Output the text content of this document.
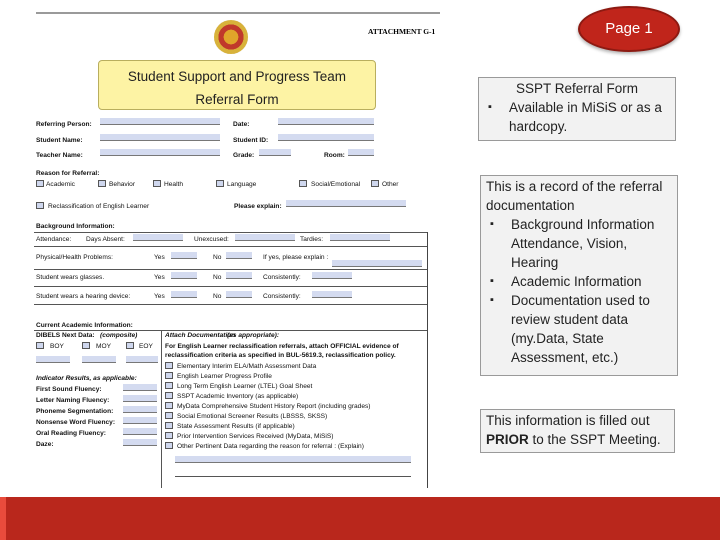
ATTACHMENT G-1
Student Support and Progress Team
Referral Form
Referring Person:	Date:
Student Name:	Student ID:
Teacher Name:	Grade:	Room:
Reason for Referral:
Academic	Behavior	Health	Language	Social/Emotional	Other
Reclassification of English Learner	Please explain:
Background Information:
Attendance: Days Absent:	Unexcused:	Tardies:
Physical/Health Problems:	Yes	No	If yes, please explain :
Student wears glasses.	Yes	No	Consistently:
Student wears a hearing device:	Yes	No	Consistently:
Current Academic Information:
DIBELS Next Data: (composite)
BOY	MOY	EOY
Indicator Results, as applicable:
First Sound Fluency:
Letter Naming Fluency:
Phoneme Segmentation:
Nonsense Word Fluency:
Oral Reading Fluency:
Daze:
Attach Documentation
(as appropriate):
For English Learner reclassification referrals, attach OFFICIAL evidence of
reclassification criteria as specified in BUL-5619.3, reclassification policy.
Elementary Interim ELA/Math Assessment Data
English Learner Progress Profile
Long Term English Learner (LTEL) Goal Sheet
SSPT Academic Inventory (as applicable)
MyData Comprehensive Student History Report (including grades)
Social Emotional Screener Results (LBSSS, SKSS)
State Assessment Results (if applicable)
Prior Intervention Services Received (MyData, MiSiS)
Other Pertinent Data regarding the reason for referral : (Explain)
Page 1
SSPT Referral Form
▪ Available in MiSiS or as a hardcopy.
This is a record of the referral documentation
▪ Background Information Attendance, Vision, Hearing
▪ Academic Information
▪ Documentation used to review student data (my.Data, State Assessment, etc.)
This information is filled out PRIOR to the SSPT Meeting.
